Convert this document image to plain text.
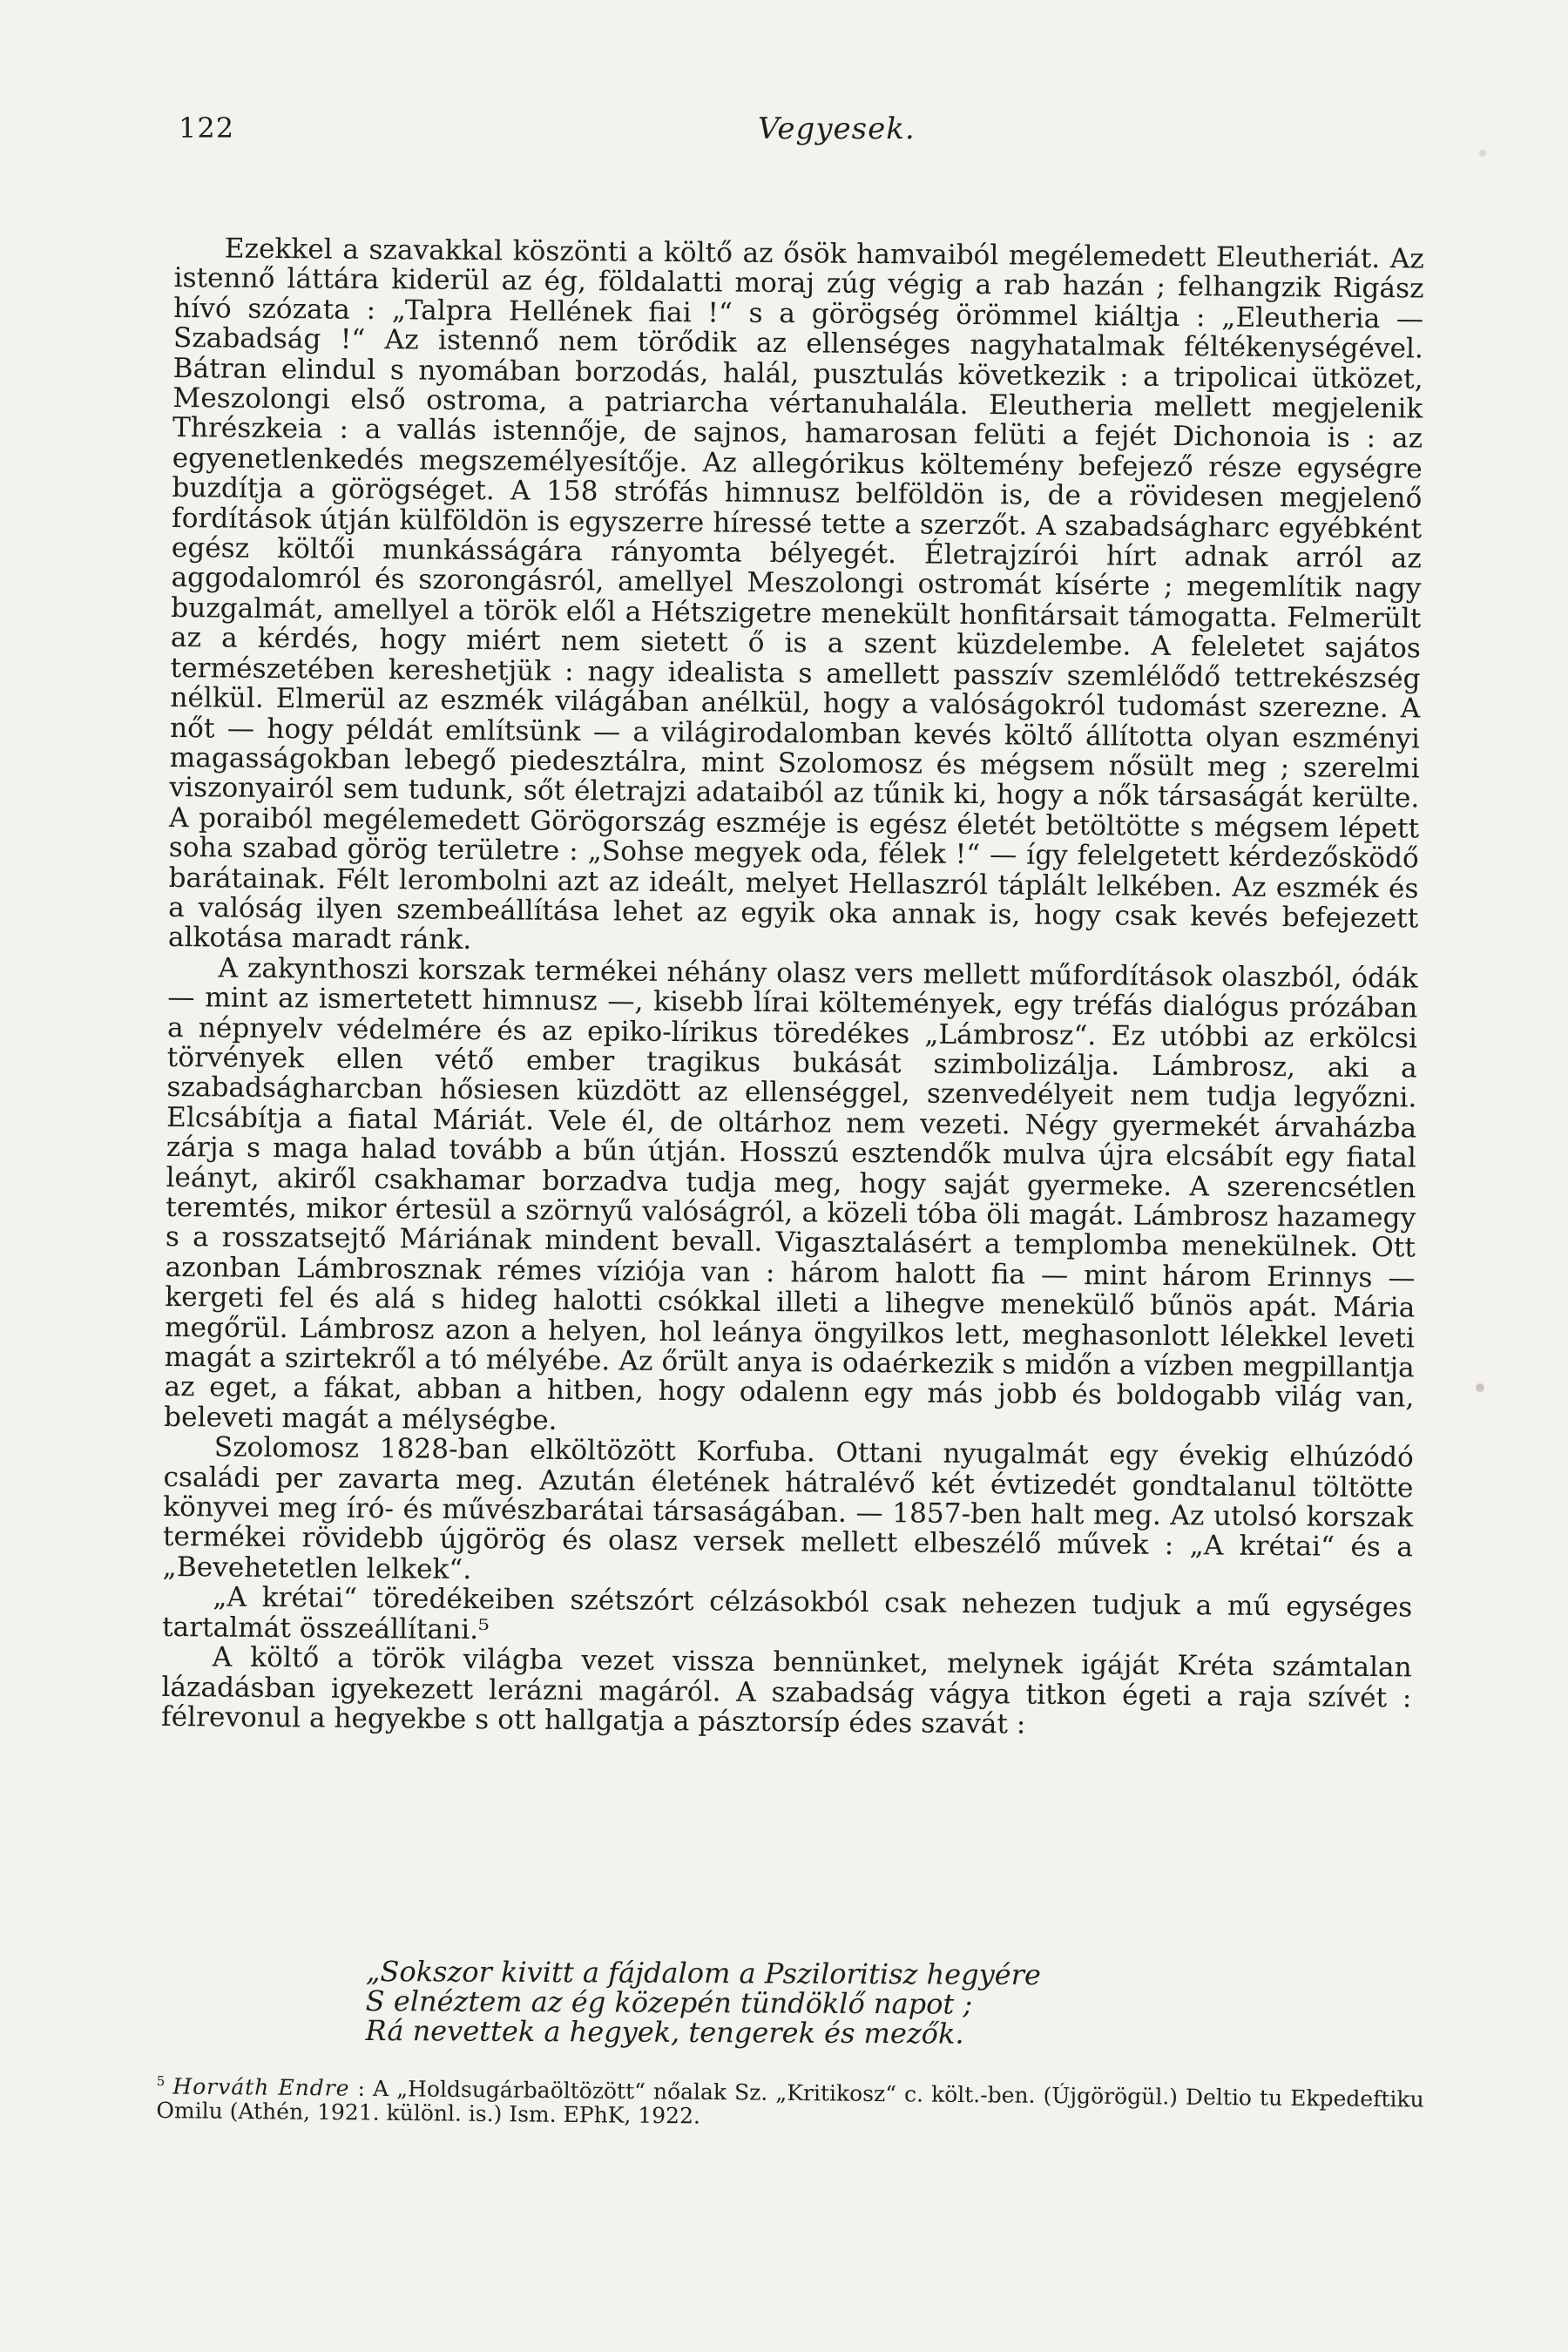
122	Vegyesek.

Ezekkel a szavakkal köszönti a költő az ősök hamvaiból megélemedett Eleutheriát. Az istennő láttára kiderül az ég, földalatti moraj zúg végig a rab hazán ; felhangzik Rigász hívó szózata : „Talpra Hellének fiai !“ s a görögség örömmel kiáltja : „Eleutheria — Szabadság !“ Az istennő nem törődik az ellenséges nagyhatalmak féltékenységével. Bátran elindul s nyomában borzodás, halál, pusztulás következik : a tripolicai ütközet, Meszolongi első ostroma, a patriarcha vértanuhalála. Eleutheria mellett megjelenik Thrészkeia : a vallás istennője, de sajnos, hamarosan felüti a fejét Dichonoia is : az egyenetlenkedés megszemélyesítője. Az allegórikus költemény befejező része egységre buzdítja a görögséget. A 158 strófás himnusz belföldön is, de a rövidesen megjelenő fordítások útján külföldön is egyszerre híressé tette a szerzőt. A szabadságharc egyébként egész költői munkásságára rányomta bélyegét. Életrajzírói hírt adnak arról az aggodalomról és szorongásról, amellyel Meszolongi ostromát kísérte ; megemlítik nagy buzgalmát, amellyel a török elől a Hétszigetre menekült honfitársait támogatta. Felmerült az a kérdés, hogy miért nem sietett ő is a szent küzdelembe. A feleletet sajátos természetében kereshetjük : nagy idealista s amellett passzív szemlélődő tettrekészség nélkül. Elmerül az eszmék világában anélkül, hogy a valóságokról tudomást szerezne. A nőt — hogy példát említsünk — a világirodalomban kevés költő állította olyan eszményi magasságokban lebegő piedesztálra, mint Szolomosz és mégsem nősült meg ; szerelmi viszonyairól sem tudunk, sőt életrajzi adataiból az tűnik ki, hogy a nők társaságát kerülte. A poraiból megélemedett Görögország eszméje is egész életét betöltötte s mégsem lépett soha szabad görög területre : „Sohse megyek oda, félek !“ — így felelgetett kérdezősködő barátainak. Félt lerombolni azt az ideált, melyet Hellaszról táplált lelkében. Az eszmék és a valóság ilyen szembeállítása lehet az egyik oka annak is, hogy csak kevés befejezett alkotása maradt ránk.

A zakynthoszi korszak termékei néhány olasz vers mellett műfordítások olaszból, ódák — mint az ismertetett himnusz —, kisebb lírai költemények, egy tréfás dialógus prózában a népnyelv védelmére és az epiko-lírikus töredékes „Lámbrosz“. Ez utóbbi az erkölcsi törvények ellen vétő ember tragikus bukását szimbolizálja. Lámbrosz, aki a szabadságharcban hősiesen küzdött az ellenséggel, szenvedélyeit nem tudja legyőzni. Elcsábítja a fiatal Máriát. Vele él, de oltárhoz nem vezeti. Négy gyermekét árvaházba zárja s maga halad tovább a bűn útján. Hosszú esztendők mulva újra elcsábít egy fiatal leányt, akiről csakhamar borzadva tudja meg, hogy saját gyermeke. A szerencsétlen teremtés, mikor értesül a szörnyű valóságról, a közeli tóba öli magát. Lámbrosz hazamegy s a rosszatsejtő Máriának mindent bevall. Vigasztalásért a templomba menekülnek. Ott azonban Lámbrosznak rémes víziója van : három halott fia — mint három Erinnys — kergeti fel és alá s hideg halotti csókkal illeti a lihegve menekülő bűnös apát. Mária megőrül. Lámbrosz azon a helyen, hol leánya öngyilkos lett, meghasonlott lélekkel leveti magát a szirtekről a tó mélyébe. Az őrült anya is odaérkezik s midőn a vízben megpillantja az eget, a fákat, abban a hitben, hogy odalenn egy más jobb és boldogabb világ van, beleveti magát a mélységbe.

Szolomosz 1828-ban elköltözött Korfuba. Ottani nyugalmát egy évekig elhúzódó családi per zavarta meg. Azután életének hátralévő két évtizedét gondtalanul töltötte könyvei meg író- és művészbarátai társaságában. — 1857-ben halt meg. Az utolsó korszak termékei rövidebb újgörög és olasz versek mellett elbeszélő művek : „A krétai“ és a „Bevehetetlen lelkek“.

„A krétai“ töredékeiben szétszórt célzásokból csak nehezen tudjuk a mű egységes tartalmát összeállítani.⁵

A költő a török világba vezet vissza bennünket, melynek igáját Kréta számtalan lázadásban igyekezett lerázni magáról. A szabadság vágya titkon égeti a raja szívét : félrevonul a hegyekbe s ott hallgatja a pásztorsíp édes szavát :

„Sokszor kivitt a fájdalom a Psziloritisz hegyére
S elnéztem az ég közepén tündöklő napot ;
Rá nevettek a hegyek, tengerek és mezők.
$^5$ Horváth Endre : A „Holdsugárbaöltözött“ nőalak Sz. „Kritikosz“ c. költ.-ben. (Újgörögül.) Deltio tu Ekpedeftiku Omilu (Athén, 1921. különl. is.) Ism. EPhK, 1922.
